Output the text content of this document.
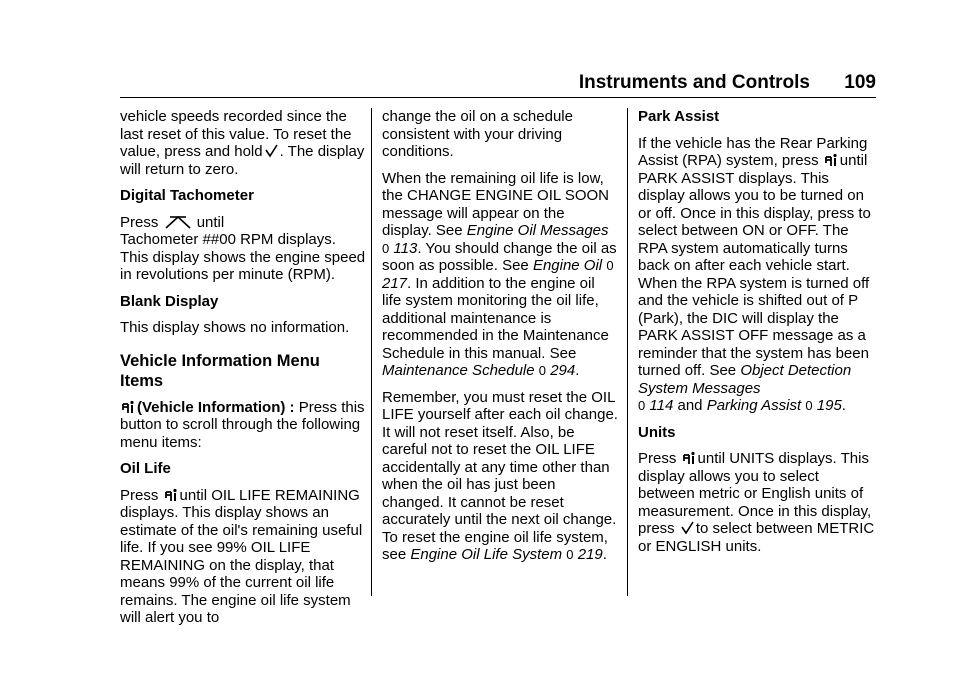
Instruments and Controls 109

vehicle speeds recorded since the last reset of this value. To reset the value, press and hold . The display will return to zero.

Digital Tachometer

Press	until
Tachometer ##00 RPM displays. This display shows the engine speed in revolutions per minute (RPM).

Blank Display

This display shows no information.

Vehicle Information Menu Items

(Vehicle Information) : Press this button to scroll through the following menu items:

Oil Life

Press until OIL LIFE REMAINING displays. This display shows an estimate of the oil's remaining useful life. If you see 99% OIL LIFE REMAINING on the display, that means 99% of the current oil life remains. The engine oil life system will alert you to

change the oil on a schedule consistent with your driving conditions.

When the remaining oil life is low, the CHANGE ENGINE OIL SOON message will appear on the display. See Engine Oil Messages 0 113. You should change the oil as soon as possible. See Engine Oil 0 217. In addition to the engine oil life system monitoring the oil life, additional maintenance is recommended in the Maintenance Schedule in this manual. See Maintenance Schedule 0 294.

Remember, you must reset the OIL LIFE yourself after each oil change. It will not reset itself. Also, be careful not to reset the OIL LIFE accidentally at any time other than when the oil has just been changed. It cannot be reset accurately until the next oil change. To reset the engine oil life system, see Engine Oil Life System 0 219.

Park Assist

If the vehicle has the Rear Parking Assist (RPA) system, press until PARK ASSIST displays. This display allows you to be turned on or off. Once in this display, press to select between ON or OFF. The RPA system automatically turns back on after each vehicle start. When the RPA system is turned off and the vehicle is shifted out of P (Park), the DIC will display the PARK ASSIST OFF message as a reminder that the system has been turned off. See Object Detection System Messages
0 114 and Parking Assist 0 195.

Units

Press until UNITS displays. This display allows you to select between metric or English units of measurement. Once in this display, press to select between METRIC or ENGLISH units.
